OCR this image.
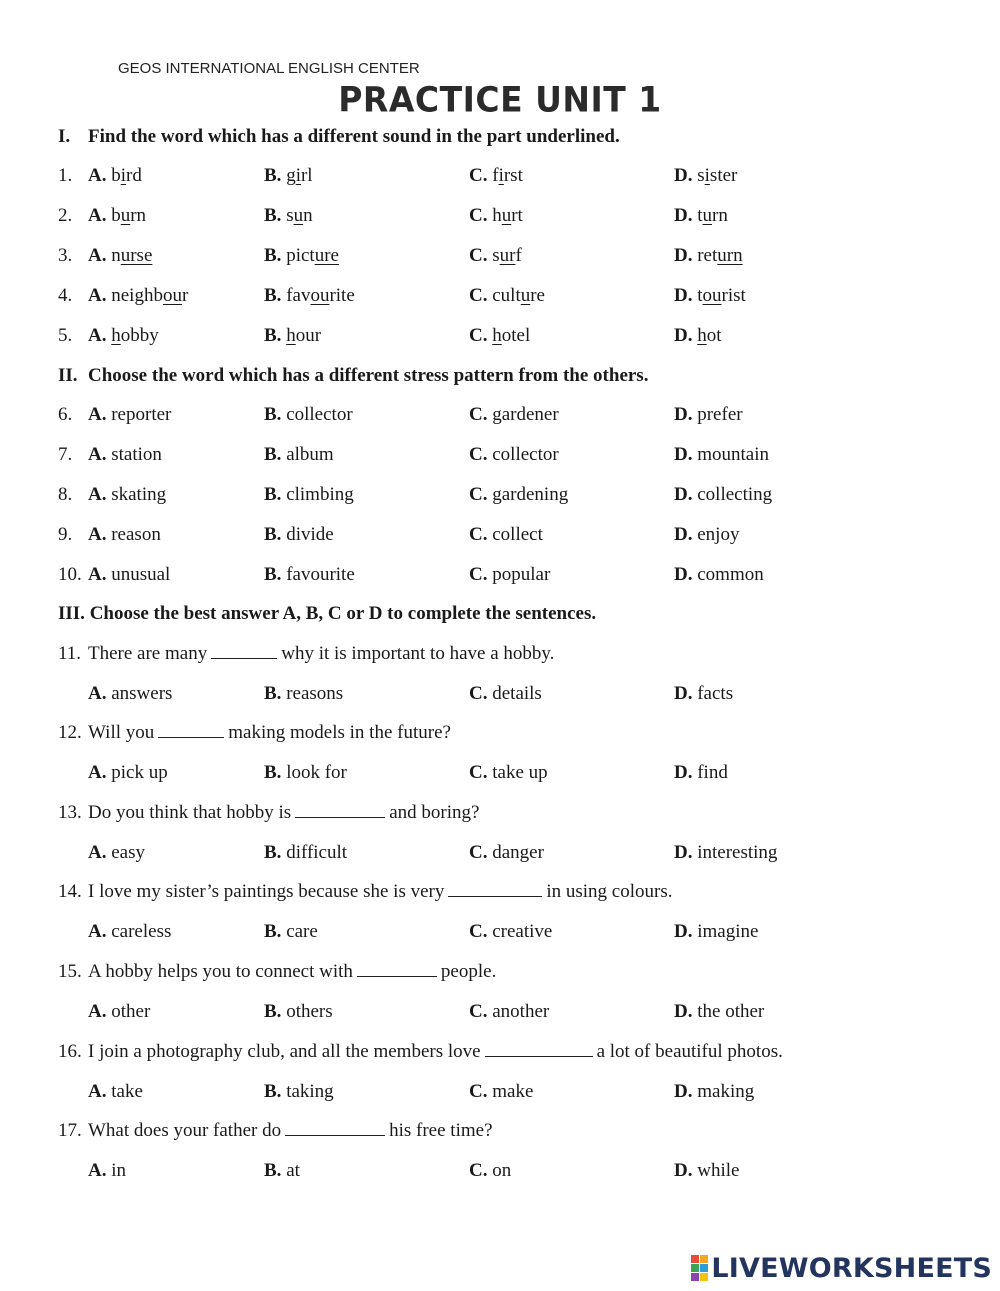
GEOS INTERNATIONAL ENGLISH CENTER
PRACTICE UNIT 1
I. Find the word which has a different sound in the part underlined.
1. A. bird	B. girl	C. first	D. sister
2. A. burn	B. sun	C. hurt	D. turn
3. A. nurse	B. picture	C. surf	D. return
4. A. neighbour	B. favourite	C. culture	D. tourist
5. A. hobby	B. hour	C. hotel	D. hot
II. Choose the word which has a different stress pattern from the others.
6. A. reporter	B. collector	C. gardener	D. prefer
7. A. station	B. album	C. collector	D. mountain
8. A. skating	B. climbing	C. gardening	D. collecting
9. A. reason	B. divide	C. collect	D. enjoy
10. A. unusual	B. favourite	C. popular	D. common
III. Choose the best answer A, B, C or D to complete the sentences.
11. There are many	why it is important to have a hobby.
A. answers	B. reasons	C. details	D. facts
12. Will you	making models in the future?
A. pick up	B. look for	C. take up	D. find
13. Do you think that hobby is	and boring?
A. easy	B. difficult	C. danger	D. interesting
14. I love my sister’s paintings because she is very	in using colours.
A. careless	B. care	C. creative	D. imagine
15. A hobby helps you to connect with	people.
A. other	B. others	C. another	D. the other
16. I join a photography club, and all the members love	a lot of beautiful photos.
A. take	B. taking	C. make	D. making
17. What does your father do	his free time?
A. in	B. at	C. on	D. while
LIVEWORKSHEETS
